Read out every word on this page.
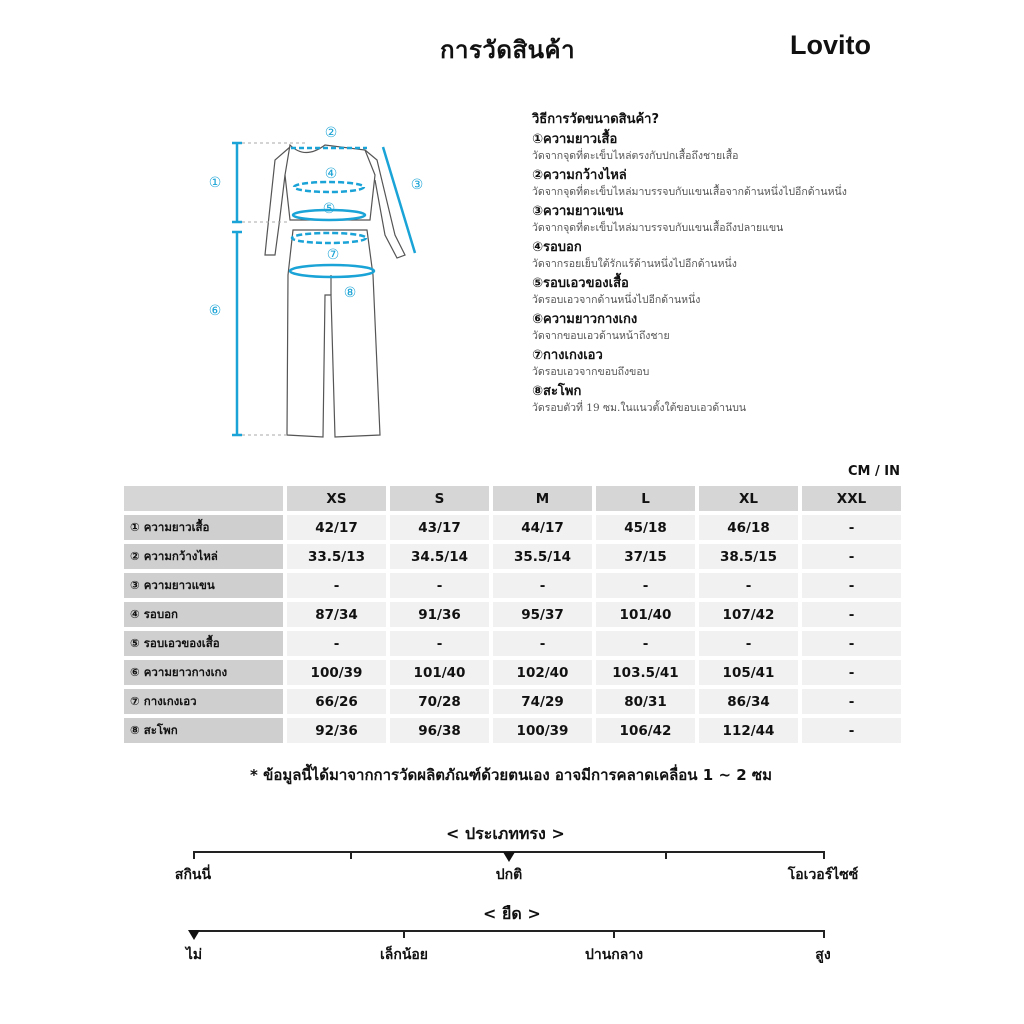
การวัดสินค้า	Lovito
①
②
③
④
⑤
⑥
⑦
⑧
วิธีการวัดขนาดสินค้า?
①ความยาวเสื้อ
วัดจากจุดที่ตะเข็บไหล่ตรงกับปกเสื้อถึงชายเสื้อ
②ความกว้างไหล่
วัดจากจุดที่ตะเข็บไหล่มาบรรจบกับแขนเสื้อจากด้านหนึ่งไปอีกด้านหนึ่ง
③ความยาวแขน
วัดจากจุดที่ตะเข็บไหล่มาบรรจบกับแขนเสื้อถึงปลายแขน
④รอบอก
วัดจากรอยเย็บใต้รักแร้ด้านหนึ่งไปอีกด้านหนึ่ง
⑤รอบเอวของเสื้อ
วัดรอบเอวจากด้านหนึ่งไปอีกด้านหนึ่ง
⑥ความยาวกางเกง
วัดจากขอบเอวด้านหน้าถึงชาย
⑦กางเกงเอว
วัดรอบเอวจากขอบถึงขอบ
⑧สะโพก
วัดรอบตัวที่ 19 ซม.ในแนวตั้งใต้ขอบเอวด้านบน
CM / IN
	XS	S	M	L	XL	XXL
① ความยาวเสื้อ	42/17	43/17	44/17	45/18	46/18	-
② ความกว้างไหล่	33.5/13	34.5/14	35.5/14	37/15	38.5/15	-
③ ความยาวแขน	-	-	-	-	-	-
④ รอบอก	87/34	91/36	95/37	101/40	107/42	-
⑤ รอบเอวของเสื้อ	-	-	-	-	-	-
⑥ ความยาวกางเกง	100/39	101/40	102/40	103.5/41	105/41	-
⑦ กางเกงเอว	66/26	70/28	74/29	80/31	86/34	-
⑧ สะโพก	92/36	96/38	100/39	106/42	112/44	-
* ข้อมูลนี้ได้มาจากการวัดผลิตภัณฑ์ด้วยตนเอง อาจมีการคลาดเคลื่อน 1 ~ 2 ซม
< ประเภททรง >
สกินนี่	ปกติ	โอเวอร์ไซซ์
< ยืด >
ไม่	เล็กน้อย	ปานกลาง	สูง
